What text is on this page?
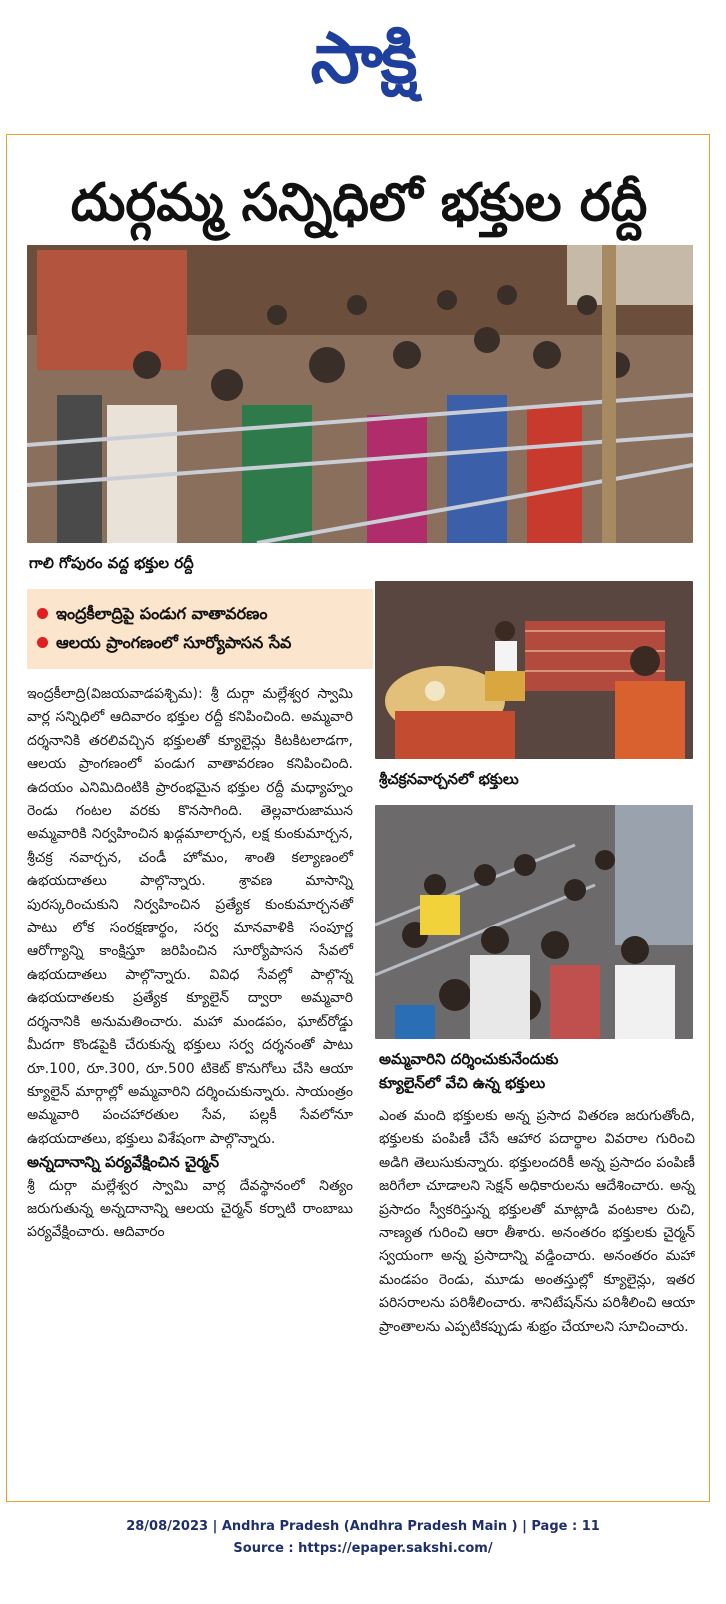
సాక్షి
దుర్గమ్మ సన్నిధిలో భక్తుల రద్దీ
గాలి గోపురం వద్ద భక్తుల రద్దీ
ఇంద్రకీలాద్రిపై పండుగ వాతావరణం
ఆలయ ప్రాంగణంలో సూర్యోపాసన సేవ
శ్రీచక్రనవార్చనలో భక్తులు
అమ్మవారిని దర్శించుకునేందుకు
క్యూలైన్‌లో వేచి ఉన్న భక్తులు

ఇంద్రకీలాద్రి(విజయవాడపశ్చిమ): శ్రీ దుర్గా మల్లేశ్వర స్వామి వార్ల సన్నిధిలో ఆదివారం భక్తుల రద్దీ కనిపించింది. అమ్మవారి దర్శనానికి తరలివచ్చిన భక్తులతో క్యూలైన్లు కిటకిటలాడగా, ఆలయ ప్రాంగణంలో పండుగ వాతావరణం కనిపించింది. ఉదయం ఎనిమిదింటికి ప్రారంభమైన భక్తుల రద్దీ మధ్యాహ్నం రెండు గంటల వరకు కొనసాగింది. తెల్లవారుజామున అమ్మవారికి నిర్వహించిన ఖడ్గమాలార్చన, లక్ష కుంకుమార్చన, శ్రీచక్ర నవార్చన, చండీ హోమం, శాంతి కల్యాణంలో ఉభయదాతలు పాల్గొన్నారు. శ్రావణ మాసాన్ని పురస్కరించుకుని నిర్వహించిన ప్రత్యేక కుంకుమార్చనతో పాటు లోక సంరక్షణార్థం, సర్వ మానవాళికి సంపూర్ణ ఆరోగ్యాన్ని కాంక్షిస్తూ జరిపించిన సూర్యోపాసన సేవలో ఉభయదాతలు పాల్గొన్నారు. వివిధ సేవల్లో పాల్గొన్న ఉభయదాతలకు ప్రత్యేక క్యూలైన్ ద్వారా అమ్మవారి దర్శనానికి అనుమతించారు. మహా మండపం, ఘాట్‌రోడ్డు మీదగా కొండపైకి చేరుకున్న భక్తులు సర్వ దర్శనంతో పాటు రూ.100, రూ.300, రూ.500 టికెట్ కొనుగోలు చేసి ఆయా క్యూలైన్ మార్గాల్లో అమ్మవారిని దర్శించుకున్నారు. సాయంత్రం అమ్మవారి పంచహారతుల సేవ, పల్లకీ సేవలోనూ ఉభయదాతలు, భక్తులు విశేషంగా పాల్గొన్నారు.

అన్నదానాన్ని పర్యవేక్షించిన చైర్మన్

శ్రీ దుర్గా మల్లేశ్వర స్వామి వార్ల దేవస్థానంలో నిత్యం జరుగుతున్న అన్నదానాన్ని ఆలయ చైర్మన్ కర్నాటి రాంబాబు పర్యవేక్షించారు. ఆదివారం

ఎంత మంది భక్తులకు అన్న ప్రసాద వితరణ జరుగుతోంది, భక్తులకు పంపిణీ చేసే ఆహార పదార్థాల వివరాల గురించి అడిగి తెలుసుకున్నారు. భక్తులందరికీ అన్న ప్రసాదం పంపిణీ జరిగేలా చూడాలని సెక్షన్ అధికారులను ఆదేశించారు. అన్న ప్రసాదం స్వీకరిస్తున్న భక్తులతో మాట్లాడి వంటకాల రుచి, నాణ్యత గురించి ఆరా తీశారు. అనంతరం భక్తులకు చైర్మన్ స్వయంగా అన్న ప్రసాదాన్ని వడ్డించారు. అనంతరం మహా మండపం రెండు, మూడు అంతస్తుల్లో క్యూలైన్లు, ఇతర పరిసరాలను పరిశీలించారు. శానిటేషన్‌ను పరిశీలించి ఆయా ప్రాంతాలను ఎప్పటికప్పుడు శుభ్రం చేయాలని సూచించారు.

28/08/2023 | Andhra Pradesh (Andhra Pradesh Main ) | Page : 11
Source : https://epaper.sakshi.com/
